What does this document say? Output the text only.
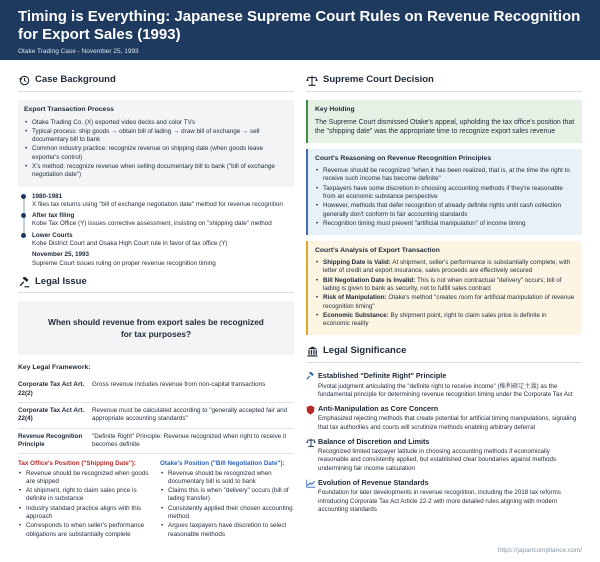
Timing is Everything: Japanese Supreme Court Rules on Revenue Recognition for Export Sales (1993)
Otake Trading Case - November 25, 1993
Case Background
Export Transaction Process
• Otake Trading Co. (X) exported video decks and color TVs
• Typical process: ship goods → obtain bill of lading → draw bill of exchange → sell documentary bill to bank
• Common industry practice: recognize revenue on shipping date (when goods leave exporter's control)
• X's method: recognize revenue when selling documentary bill to bank ("bill of exchange negotiation date")
1980-1981
X files tax returns using "bill of exchange negotiation date" method for revenue recognition
After tax filing
Kobe Tax Office (Y) issues corrective assessment, insisting on "shipping date" method
Lower Courts
Kobe District Court and Osaka High Court rule in favor of tax office (Y)
November 25, 1993
Supreme Court issues ruling on proper revenue recognition timing
Legal Issue
When should revenue from export sales be recognized for tax purposes?
Key Legal Framework:
Corporate Tax Act Art. 22(2)	Gross revenue includes revenue from non-capital transactions
Corporate Tax Act Art. 22(4)	Revenue must be calculated according to "generally accepted fair and appropriate accounting standards"
Revenue Recognition Principle	"Definite Right" Principle: Revenue recognized when right to receive it becomes definite
Tax Office's Position ("Shipping Date"):
• Revenue should be recognized when goods are shipped
• At shipment, right to claim sales price is definite in substance
• Industry standard practice aligns with this approach
• Corresponds to when seller's performance obligations are substantially complete
Otake's Position ("Bill Negotiation Date"):
• Revenue should be recognized when documentary bill is sold to bank
• Claims this is when "delivery" occurs (bill of lading transfer)
• Consistently applied their chosen accounting method
• Argues taxpayers have discretion to select reasonable methods
Supreme Court Decision
Key Holding

The Supreme Court dismissed Otake's appeal, upholding the tax office's position that the "shipping date" was the appropriate time to recognize export sales revenue

Court's Reasoning on Revenue Recognition Principles
• Revenue should be recognized "when it has been realized, that is, at the time the right to receive such income has become definite"
• Taxpayers have some discretion in choosing accounting methods if they're reasonable from an economic substance perspective
• However, methods that defer recognition of already definite rights until cash collection generally don't conform to fair accounting standards
• Recognition timing must prevent "artificial manipulation" of income timing
Court's Analysis of Export Transaction
• Shipping Date is Valid: At shipment, seller's performance is substantially complete; with letter of credit and export insurance, sales proceeds are effectively secured
• Bill Negotiation Date is Invalid: This is not when contractual "delivery" occurs; bill of lading is given to bank as security, not to fulfill sales contract
• Risk of Manipulation: Otake's method "creates room for artificial manipulation of revenue recognition timing"
• Economic Substance: By shipment point, right to claim sales price is definite in economic reality
Legal Significance
Established "Definite Right" Principle

Pivotal judgment articulating the "definite right to receive income" (権利確定主義) as the fundamental principle for determining revenue recognition timing under the Corporate Tax Act

Anti-Manipulation as Core Concern

Emphasized rejecting methods that create potential for artificial timing manipulations, signaling that tax authorities and courts will scrutinize methods enabling arbitrary deferral

Balance of Discretion and Limits

Recognized limited taxpayer latitude in choosing accounting methods if economically reasonable and consistently applied, but established clear boundaries against methods undermining fair income calculation

Evolution of Revenue Standards

Foundation for later developments in revenue recognition, including the 2018 tax reforms introducing Corporate Tax Act Article 22-2 with more detailed rules aligning with modern accounting standards

https://japancompliance.com/
